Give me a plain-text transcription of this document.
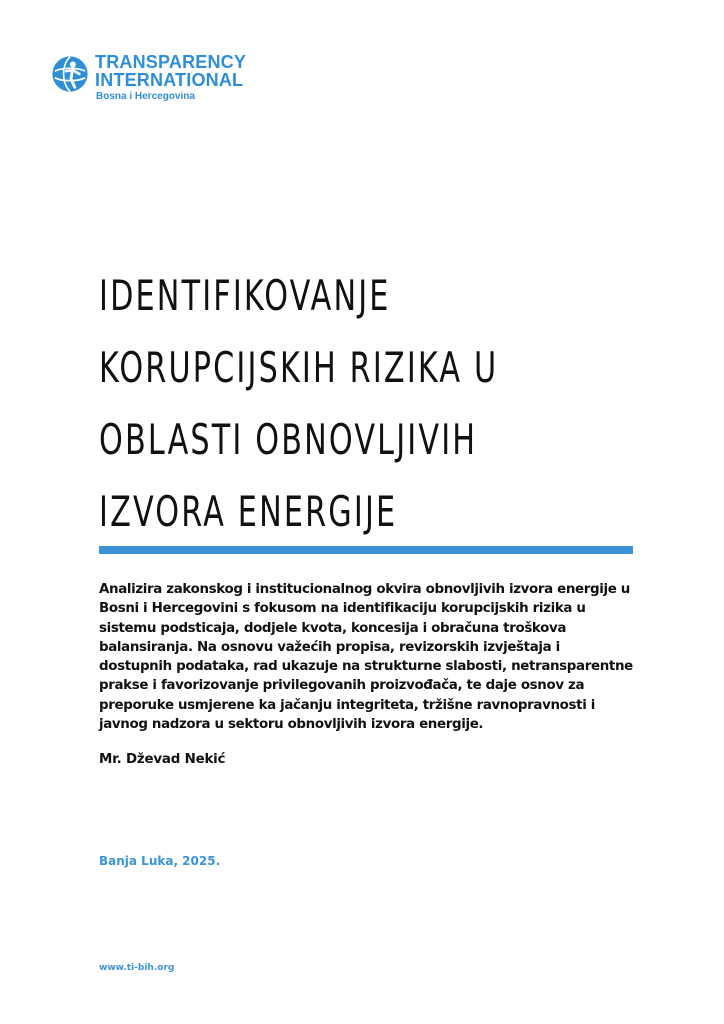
TRANSPARENCY
INTERNATIONAL
Bosna i Hercegovina
IDENTIFIKOVANJE
KORUPCIJSKIH RIZIKA U
OBLASTI OBNOVLJIVIH
IZVORA ENERGIJE

Analizira zakonskog i institucionalnog okvira obnovljivih izvora energije u Bosni i Hercegovini s fokusom na identifikaciju korupcijskih rizika u sistemu podsticaja, dodjele kvota, koncesija i obračuna troškova balansiranja. Na osnovu važećih propisa, revizorskih izvještaja i dostupnih podataka, rad ukazuje na strukturne slabosti, netransparentne prakse i favorizovanje privilegovanih proizvođača, te daje osnov za preporuke usmjerene ka jačanju integriteta, tržišne ravnopravnosti i javnog nadzora u sektoru obnovljivih izvora energije.

Mr. Dževad Nekić
Banja Luka, 2025.
www.ti-bih.org
